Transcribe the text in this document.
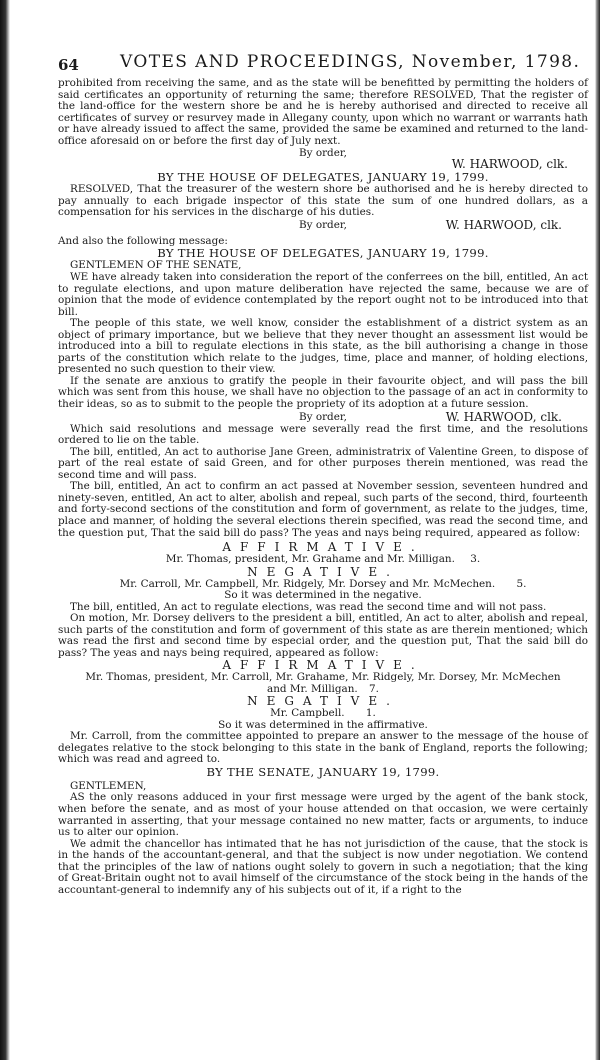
64 VOTES AND PROCEEDINGS, November, 1798.

prohibited from receiving the same, and as the state will be benefitted by permitting the holders of said certificates an opportunity of returning the same; therefore RESOLVED, That the register of the land-office for the western shore be and he is hereby authorised and directed to receive all certificates of survey or resurvey made in Allegany county, upon which no warrant or warrants hath or have already issued to affect the same, provided the same be examined and returned to the land-office aforesaid on or before the first day of July next.

By order,
W. HARWOOD, clk.
BY THE HOUSE OF DELEGATES, JANUARY 19, 1799.

RESOLVED, That the treasurer of the western shore be authorised and he is hereby directed to pay annually to each brigade inspector of this state the sum of one hundred dollars, as a compensation for his services in the discharge of his duties.

By order,	W. HARWOOD, clk.

And also the following message:

BY THE HOUSE OF DELEGATES, JANUARY 19, 1799.

GENTLEMEN OF THE SENATE,

WE have already taken into consideration the report of the conferrees on the bill, entitled, An act to regulate elections, and upon mature deliberation have rejected the same, because we are of opinion that the mode of evidence contemplated by the report ought not to be introduced into that bill.

The people of this state, we well know, consider the establishment of a district system as an object of primary importance, but we believe that they never thought an assessment list would be introduced into a bill to regulate elections in this state, as the bill authorising a change in those parts of the constitution which relate to the judges, time, place and manner, of holding elections, presented no such question to their view.

If the senate are anxious to gratify the people in their favourite object, and will pass the bill which was sent from this house, we shall have no objection to the passage of an act in conformity to their ideas, so as to submit to the people the propriety of its adoption at a future session.

By order,	W. HARWOOD, clk.

Which said resolutions and message were severally read the first time, and the resolutions ordered to lie on the table.

The bill, entitled, An act to authorise Jane Green, administratrix of Valentine Green, to dispose of part of the real estate of said Green, and for other purposes therein mentioned, was read the second time and will pass.

The bill, entitled, An act to confirm an act passed at November session, seventeen hundred and ninety-seven, entitled, An act to alter, abolish and repeal, such parts of the second, third, fourteenth and forty-second sections of the constitution and form of government, as relate to the judges, time, place and manner, of holding the several elections therein specified, was read the second time, and the question put, That the said bill do pass? The yeas and nays being required, appeared as follow:

AFFIRMATIVE.
Mr. Thomas, president, Mr. Grahame and Mr. Milligan. 3.
NEGATIVE.
Mr. Carroll, Mr. Campbell, Mr. Ridgely, Mr. Dorsey and Mr. McMechen. 5.
So it was determined in the negative.

The bill, entitled, An act to regulate elections, was read the second time and will not pass.

On motion, Mr. Dorsey delivers to the president a bill, entitled, An act to alter, abolish and repeal, such parts of the constitution and form of government of this state as are therein mentioned; which was read the first and second time by especial order, and the question put, That the said bill do pass? The yeas and nays being required, appeared as follow:

AFFIRMATIVE.
Mr. Thomas, president, Mr. Carroll, Mr. Grahame, Mr. Ridgely, Mr. Dorsey, Mr. McMechen
and Mr. Milligan. 7.
NEGATIVE.
Mr. Campbell. 1.
So it was determined in the affirmative.

Mr. Carroll, from the committee appointed to prepare an answer to the message of the house of delegates relative to the stock belonging to this state in the bank of England, reports the following; which was read and agreed to.

BY THE SENATE, JANUARY 19, 1799.

GENTLEMEN,

AS the only reasons adduced in your first message were urged by the agent of the bank stock, when before the senate, and as most of your house attended on that occasion, we were certainly warranted in asserting, that your message contained no new matter, facts or arguments, to induce us to alter our opinion.

We admit the chancellor has intimated that he has not jurisdiction of the cause, that the stock is in the hands of the accountant-general, and that the subject is now under negotiation. We contend that the principles of the law of nations ought solely to govern in such a negotiation; that the king of Great-Britain ought not to avail himself of the circumstance of the stock being in the hands of the accountant-general to indemnify any of his subjects out of it, if a right to the
